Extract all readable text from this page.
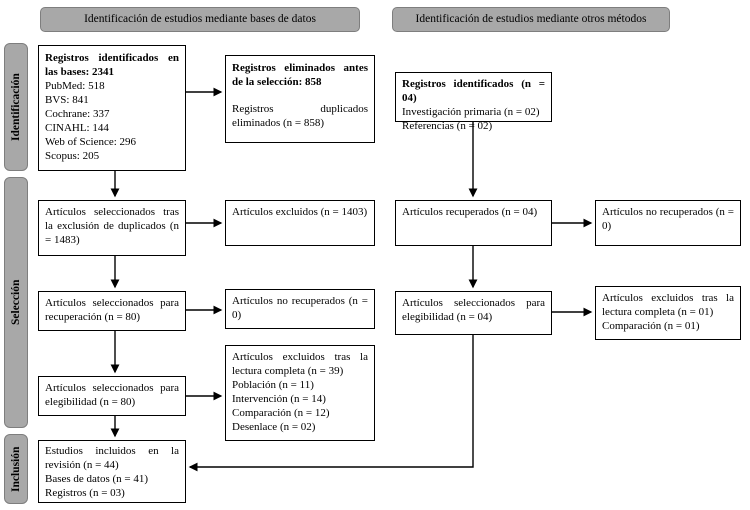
Identificación de estudios mediante bases de datos	Identificación de estudios mediante otros métodos
Identificación
Selección
Inclusión
Registros identificados en las bases: 2341
PubMed: 518
BVS: 841
Cochrane: 337
CINAHL: 144
Web of Science: 296
Scopus: 205
Artículos seleccionados tras la exclusión de duplicados (n = 1483)
Artículos seleccionados para recuperación (n = 80)
Artículos seleccionados para elegibilidad (n = 80)
Estudios incluidos en la revisión (n = 44)
Bases de datos (n = 41)
Registros (n = 03)
Registros eliminados antes de la selección: 858
Registros duplicados eliminados (n = 858)
Artículos excluidos (n = 1403)
Artículos no recuperados (n = 0)
Artículos excluidos tras la lectura completa (n = 39)
Población (n = 11)
Intervención (n = 14)
Comparación (n = 12)
Desenlace (n = 02)
Registros identificados (n = 04)
Investigación primaria (n = 02)
Referencias (n = 02)
Artículos recuperados (n = 04)
Artículos seleccionados para elegibilidad (n = 04)
Artículos no recuperados (n = 0)
Artículos excluidos tras la lectura completa (n = 01)
Comparación (n = 01)
